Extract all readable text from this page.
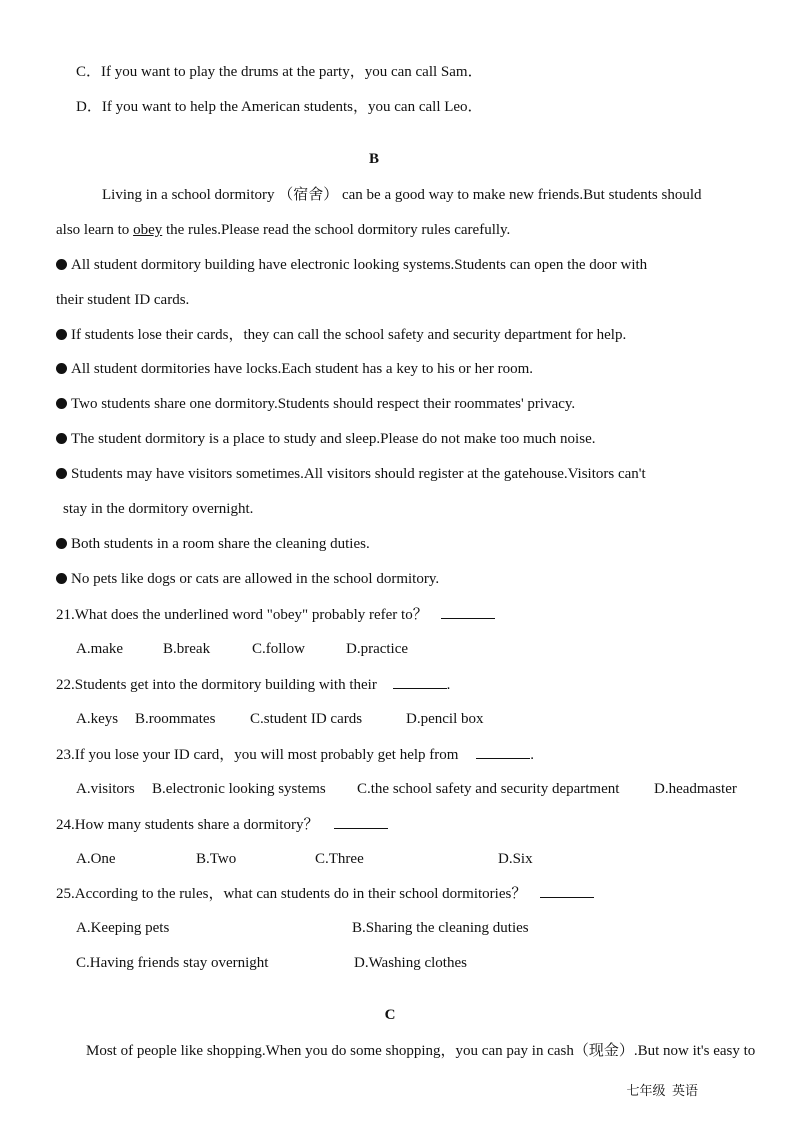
C．If you want to play the drums at the party，you can call Sam．
D．If you want to help the American students，you can call Leo．
B
Living in a school dormitory （宿舍） can be a good way to make new friends.But students should
also learn to obey the rules.Please read the school dormitory rules carefully.
All student dormitory building have electronic looking systems.Students can open the door with
their student ID cards.
If students lose their cards，they can call the school safety and security department for help.
All student dormitories have locks.Each student has a key to his or her room.
Two students share one dormitory.Students should respect their roommates' privacy.
The student dormitory is a place to study and sleep.Please do not make too much noise.
Students may have visitors sometimes.All visitors should register at the gatehouse.Visitors can't
stay in the dormitory overnight.
Both students in a room share the cleaning duties.
No pets like dogs or cats are allowed in the school dormitory.
21.What does the underlined word "obey" probably refer to？
A.make	B.break	C.follow	D.practice
22.Students get into the dormitory building with their	.
A.keys B.roommates C.student ID cards	D.pencil box
23.If you lose your ID card，you will most probably get help from	.
A.visitors B.electronic looking systems C.the school safety and security department D.headmaster
24.How many students share a dormitory？
A.One	B.Two	C.Three	D.Six
25.According to the rules，what can students do in their school dormitories？
A.Keeping pets	B.Sharing the cleaning duties
C.Having friends stay overnight	D.Washing clothes
C
Most of people like shopping.When you do some shopping，you can pay in cash（现金）.But now it's easy to
七年级 英语
